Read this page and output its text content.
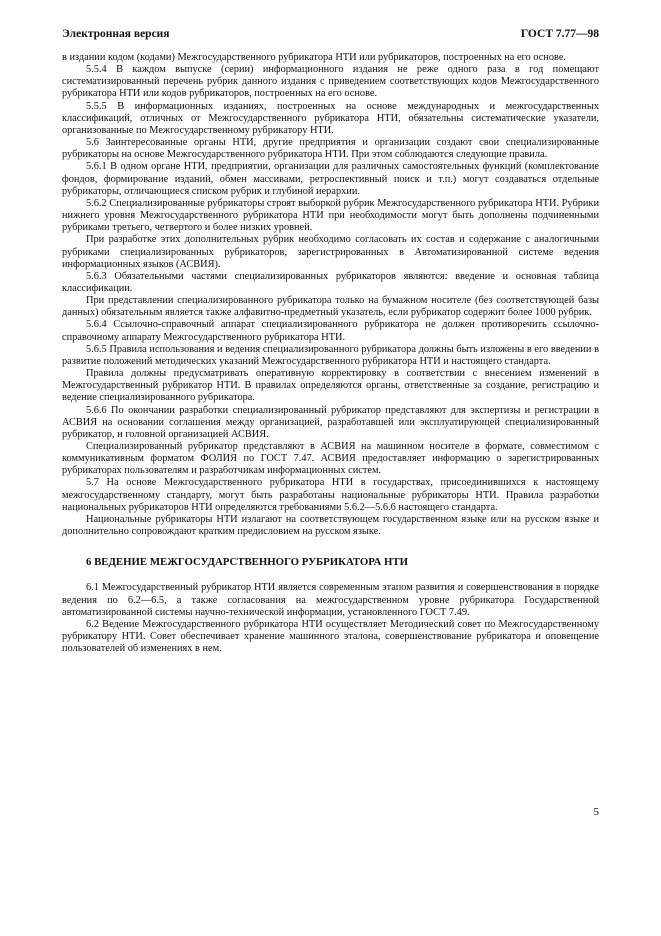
Электронная версия	ГОСТ 7.77—98

в издании кодом (кодами) Межгосударственного рубрикатора НТИ или рубрикаторов, построенных на его основе.

5.5.4 В каждом выпуске (серии) информационного издания не реже одного раза в год помещают систематизированный перечень рубрик данного издания с приведением соответствующих кодов Межгосударственного рубрикатора НТИ или кодов рубрикаторов, построенных на его основе.

5.5.5 В информационных изданиях, построенных на основе международных и межгосударственных классификаций, отличных от Межгосударственного рубрикатора НТИ, обязательны систематические указатели, организованные по Межгосударственному рубрикатору НТИ.

5.6 Заинтересованные органы НТИ, другие предприятия и организации создают свои специализированные рубрикаторы на основе Межгосударственного рубрикатора НТИ. При этом соблюдаются следующие правила.

5.6.1 В одном органе НТИ, предприятии, организации для различных самостоятельных функций (комплектование фондов, формирование изданий, обмен массивами, ретроспективный поиск и т.п.) могут создаваться отдельные рубрикаторы, отличающиеся списком рубрик и глубиной иерархии.

5.6.2 Специализированные рубрикаторы строят выборкой рубрик Межгосударственного рубрикатора НТИ. Рубрики нижнего уровня Межгосударственного рубрикатора НТИ при необходимости могут быть дополнены подчиненными рубриками третьего, четвертого и более низких уровней.

При разработке этих дополнительных рубрик необходимо согласовать их состав и содержание с аналогичными рубриками специализированных рубрикаторов, зарегистрированных в Автоматизированной системе ведения информационных языков (АСВИЯ).

5.6.3 Обязательными частями специализированных рубрикаторов являются: введение и основная таблица классификации.

При представлении специализированного рубрикатора только на бумажном носителе (без соответствующей базы данных) обязательным является также алфавитно-предметный указатель, если рубрикатор содержит более 1000 рубрик.

5.6.4 Ссылочно-справочный аппарат специализированного рубрикатора не должен противоречить ссылочно-справочному аппарату Межгосударственного рубрикатора НТИ.

5.6.5 Правила использования и ведения специализированного рубрикатора должны быть изложены в его введении в развитие положений методических указаний Межгосударственного рубрикатора НТИ и настоящего стандарта.

Правила должны предусматривать оперативную корректировку в соответствии с внесением изменений в Межгосударственный рубрикатор НТИ. В правилах определяются органы, ответственные за создание, регистрацию и ведение специализированного рубрикатора.

5.6.6 По окончании разработки специализированный рубрикатор представляют для экспертизы и регистрации в АСВИЯ на основании соглашения между организацией, разработавшей или эксплуатирующей специализированный рубрикатор, и головной организацией АСВИЯ.

Специализированный рубрикатор представляют в АСВИЯ на машинном носителе в формате, совместимом с коммуникативным форматом ФОЛИЯ по ГОСТ 7.47. АСВИЯ предоставляет информацию о зарегистрированных рубрикаторах пользователям и разработчикам информационных систем.

5.7 На основе Межгосударственного рубрикатора НТИ в государствах, присоединившихся к настоящему межгосударственному стандарту, могут быть разработаны национальные рубрикаторы НТИ. Правила разработки национальных рубрикаторов НТИ определяются требованиями 5.6.2—5.6.6 настоящего стандарта.

Национальные рубрикаторы НТИ излагают на соответствующем государственном языке или на русском языке и дополнительно сопровождают кратким предисловием на русском языке.

6 ВЕДЕНИЕ МЕЖГОСУДАРСТВЕННОГО РУБРИКАТОРА НТИ

6.1 Межгосударственный рубрикатор НТИ является современным этапом развития и совершенствования в порядке ведения по 6.2—6.5, а также согласования на межгосударственном уровне рубрикатора Государственной автоматизированной системы научно-технической информации, установленного ГОСТ 7.49.

6.2 Ведение Межгосударственного рубрикатора НТИ осуществляет Методический совет по Межгосударственному рубрикатору НТИ. Совет обеспечивает хранение машинного эталона, совершенствование рубрикатора и оповещение пользователей об изменениях в нем.

5
